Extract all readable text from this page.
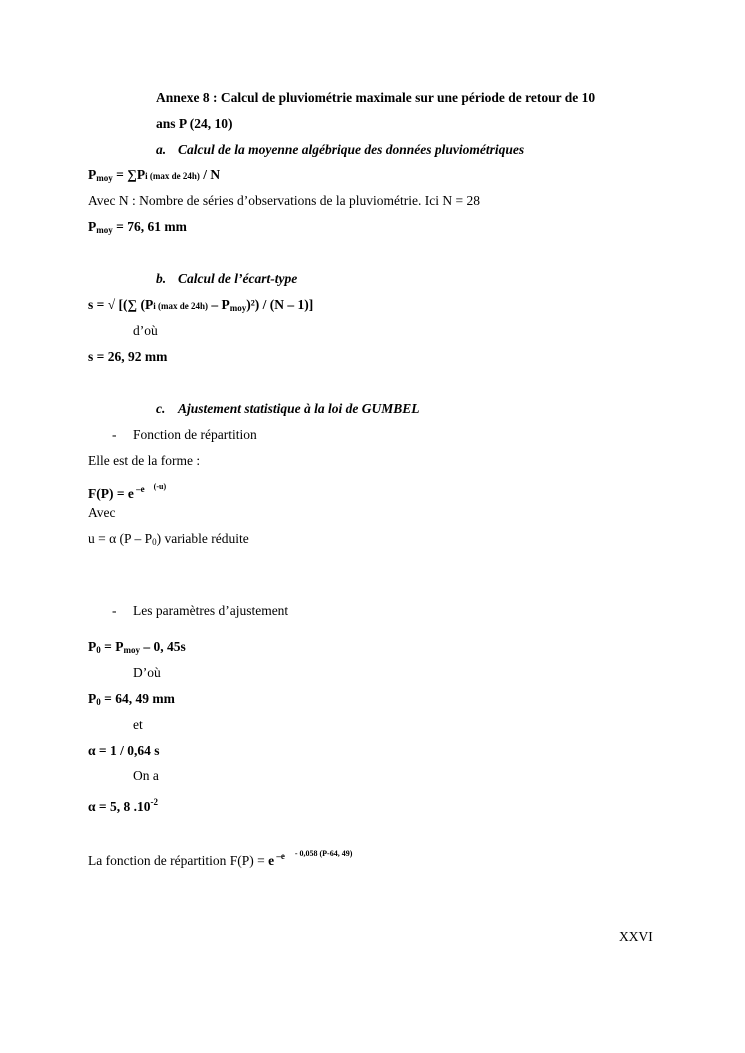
Annexe 8 : Calcul de pluviométrie maximale sur une période de retour de 10
ans P (24, 10)
a. Calcul de la moyenne algébrique des données pluviométriques
$P_{moy} = \sum Pi$ (max de 24h) / N
Avec N : Nombre de séries d’observations de la pluviométrie. Ici N = 28
$P_{moy} = 76$, 61 mm
b. Calcul de l’écart-type
s = √ [(∑ (Pi (max de $24h) - P_{moy})^2) / (N - 1)$]
d’où
s = 26, 92 mm
c. Ajustement statistique à la loi de GUMBEL
- Fonction de répartition
Elle est de la forme :
F(P) = e $^{-e}$ $^{(-u)}$
Avec
u = α $(P - P_0)$ variable réduite
- Les paramètres d’ajustement
$P_0 = P_{moy} - 0$, 45s
D’où
$P_0 = 64$, 49 mm
et
α = 1 / 0,64 s
On a
α = 5, 8 $.10^{-2}$
La fonction de répartition F(P) = e $^{-e}$ $^{- 0,058 (P-64, 49)}$
XXVI
